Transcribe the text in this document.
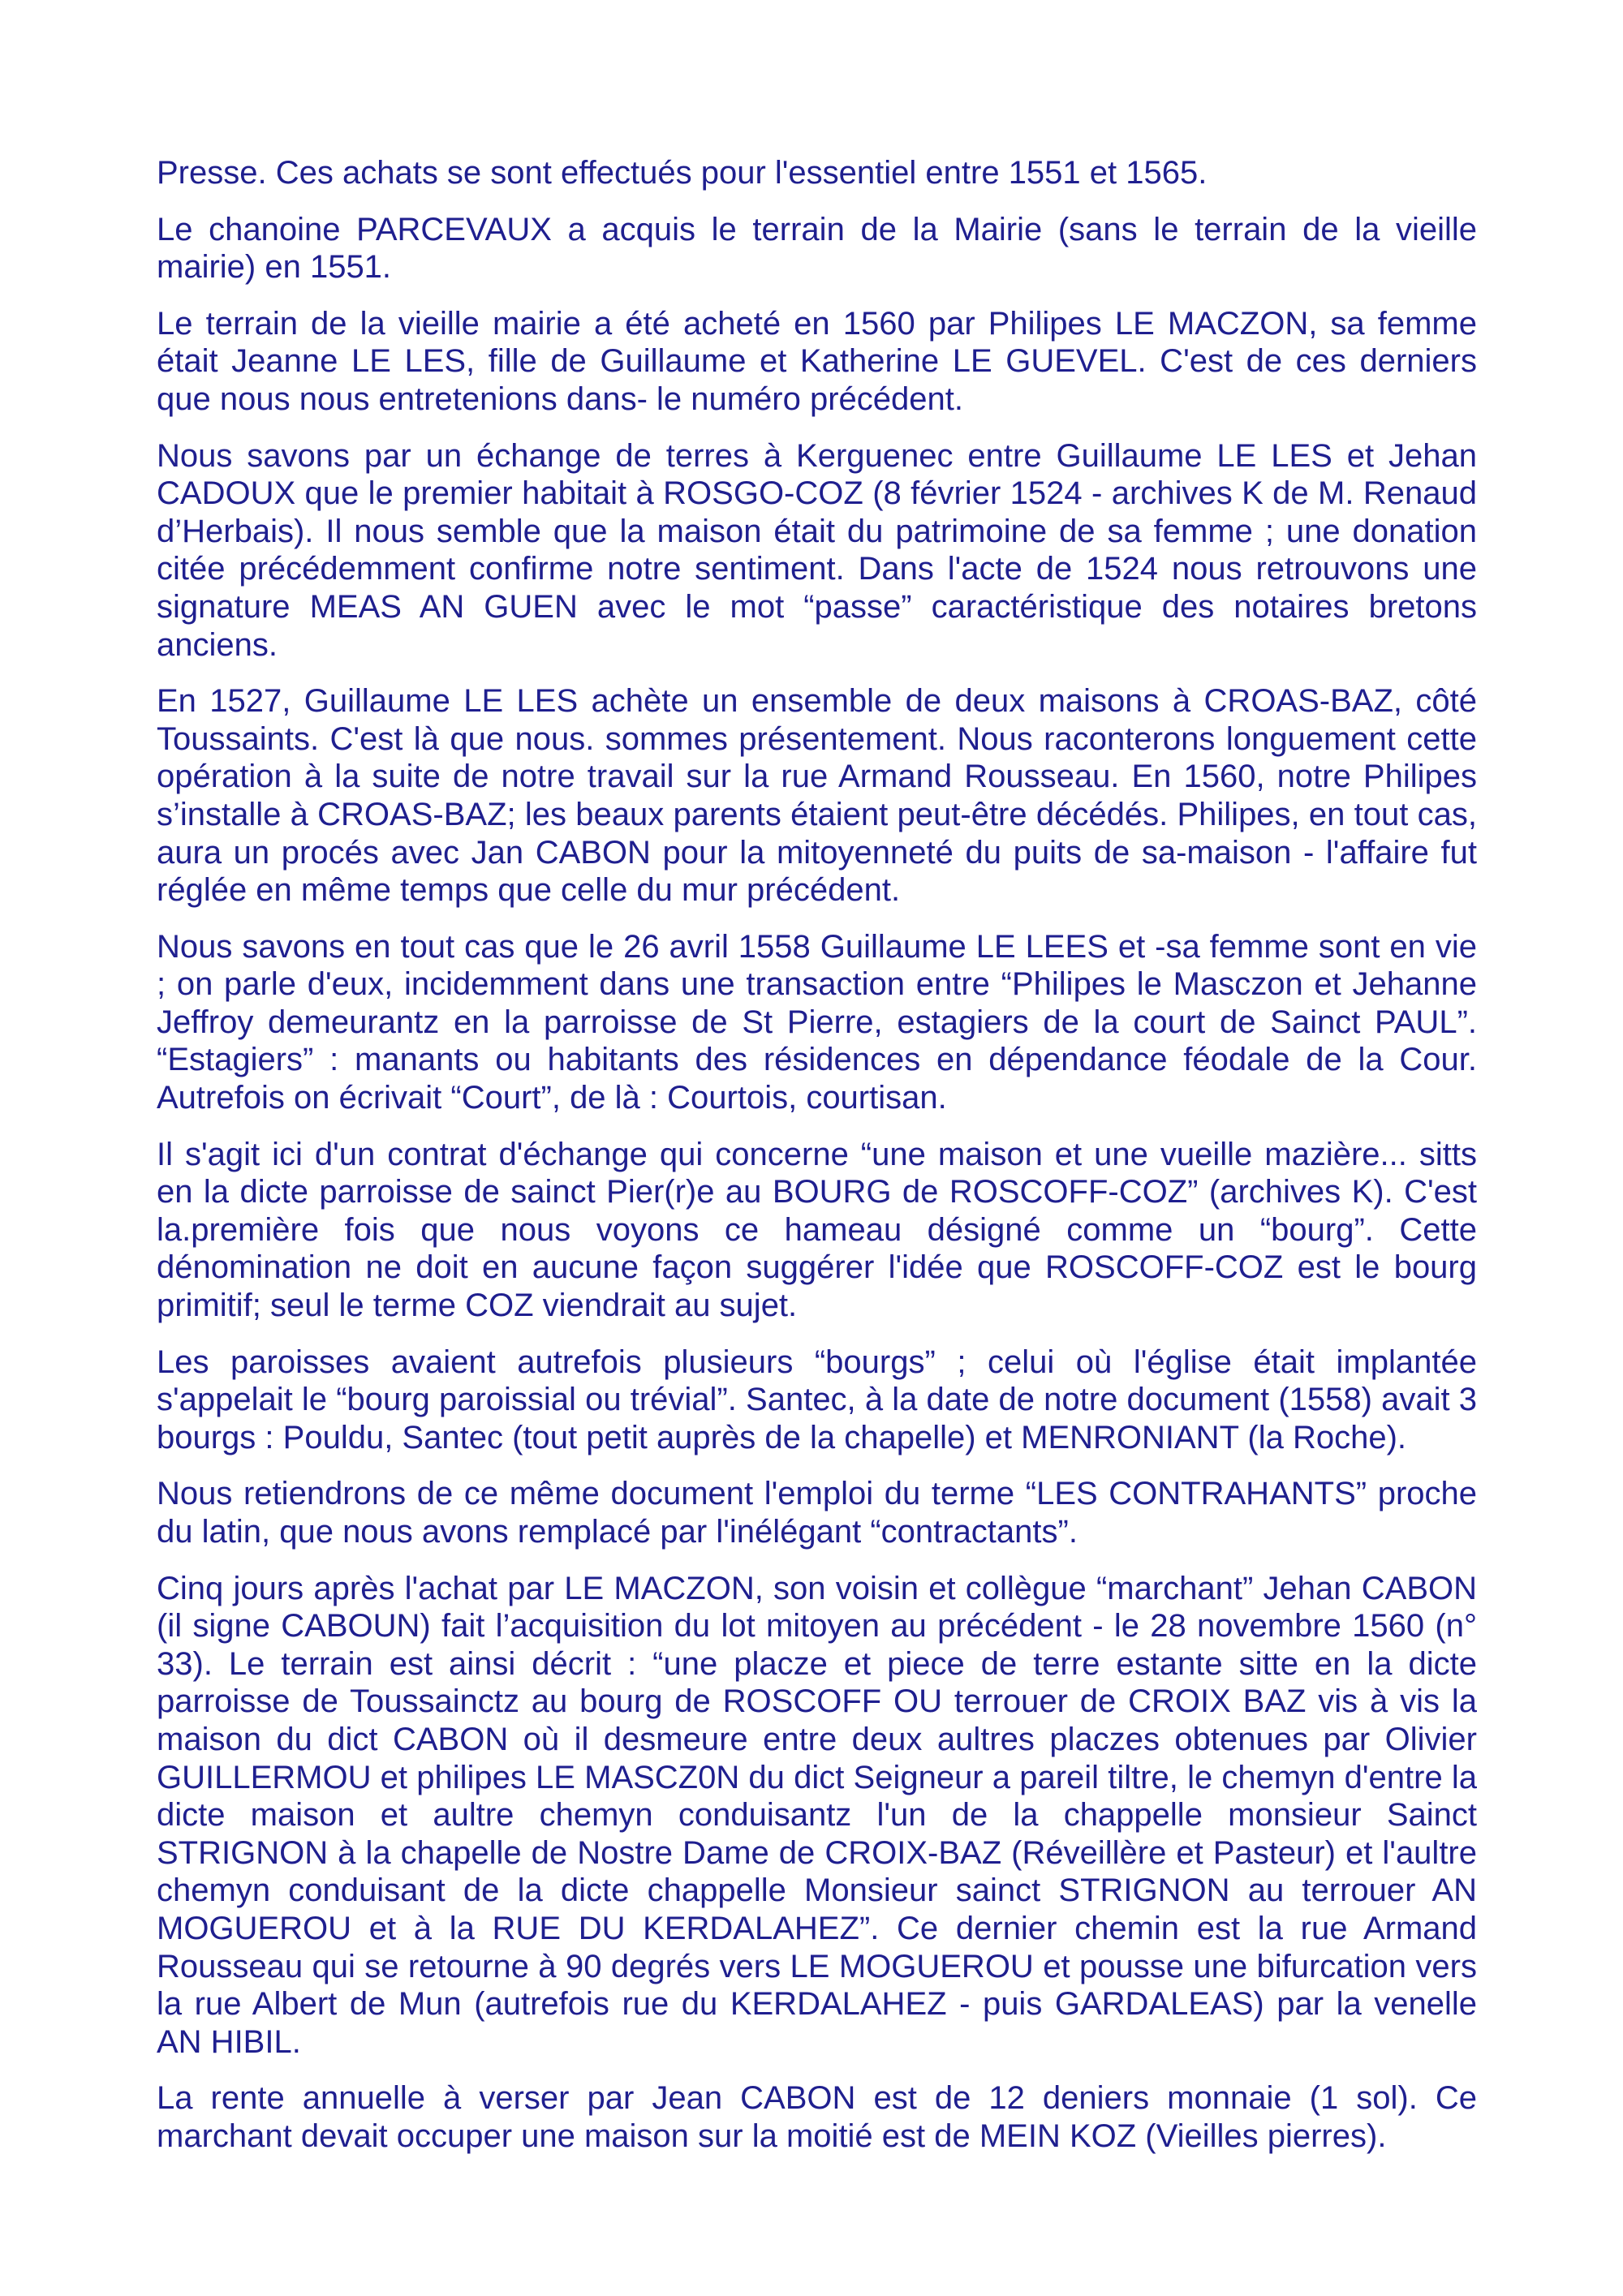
Presse. Ces achats se sont effectués pour l'essentiel entre 1551 et 1565.

Le chanoine PARCEVAUX a acquis le terrain de la Mairie (sans le terrain de la vieille mairie) en 1551.

Le terrain de la vieille mairie a été acheté en 1560 par Philipes LE MACZON, sa femme était Jeanne LE LES, fille de Guillaume et Katherine LE GUEVEL. C'est de ces derniers que nous nous entretenions dans- le numéro précédent.

Nous savons par un échange de terres à Kerguenec entre Guillaume LE LES et Jehan CADOUX que le premier habitait à ROSGO-COZ (8 février 1524 - archives K de M. Renaud d’Herbais). Il nous semble que la maison était du patrimoine de sa femme ; une donation citée précédemment confirme notre sentiment. Dans l'acte de 1524 nous retrouvons une signature MEAS AN GUEN avec le mot “passe” caractéristique des notaires bretons anciens.

En 1527, Guillaume LE LES achète un ensemble de deux maisons à CROAS-BAZ, côté Toussaints. C'est là que nous. sommes présentement. Nous raconterons longuement cette opération à la suite de notre travail sur la rue Armand Rousseau. En 1560, notre Philipes s’installe à CROAS-BAZ; les beaux parents étaient peut-être décédés. Philipes, en tout cas, aura un procés avec Jan CABON pour la mitoyenneté du puits de sa-maison - l'affaire fut réglée en même temps que celle du mur précédent.

Nous savons en tout cas que le 26 avril 1558 Guillaume LE LEES et -sa femme sont en vie ; on parle d'eux, incidemment dans une transaction entre “Philipes le Masczon et Jehanne Jeffroy demeurantz en la parroisse de St Pierre, estagiers de la court de Sainct PAUL”. “Estagiers” : manants ou habitants des résidences en dépendance féodale de la Cour. Autrefois on écrivait “Court”, de là : Courtois, courtisan.

Il s'agit ici d'un contrat d'échange qui concerne “une maison et une vueille mazière... sitts en la dicte parroisse de sainct Pier(r)e au BOURG de ROSCOFF-COZ” (archives K). C'est la.première fois que nous voyons ce hameau désigné comme un “bourg”. Cette dénomination ne doit en aucune façon suggérer l'idée que ROSCOFF-COZ est le bourg primitif; seul le terme COZ viendrait au sujet.

Les paroisses avaient autrefois plusieurs “bourgs” ; celui où l'église était implantée s'appelait le “bourg paroissial ou trévial”. Santec, à la date de notre document (1558) avait 3 bourgs : Pouldu, Santec (tout petit auprès de la chapelle) et MENRONIANT (la Roche).

Nous retiendrons de ce même document l'emploi du terme “LES CONTRAHANTS” proche du latin, que nous avons remplacé par l'inélégant “contractants”.

Cinq jours après l'achat par LE MACZON, son voisin et collègue “marchant” Jehan CABON (il signe CABOUN) fait l’acquisition du lot mitoyen au précédent - le 28 novembre 1560 (n° 33). Le terrain est ainsi décrit : “une placze et piece de terre estante sitte en la dicte parroisse de Toussainctz au bourg de ROSCOFF OU terrouer de CROIX BAZ vis à vis la maison du dict CABON où il desmeure entre deux aultres placzes obtenues par Olivier GUILLERMOU et philipes LE MASCZ0N du dict Seigneur a pareil tiltre, le chemyn d'entre la dicte maison et aultre chemyn conduisantz l'un de la chappelle monsieur Sainct STRIGNON à la chapelle de Nostre Dame de CROIX-BAZ (Réveillère et Pasteur) et l'aultre chemyn conduisant de la dicte chappelle Monsieur sainct STRIGNON au terrouer AN MOGUEROU et à la RUE DU KERDALAHEZ”. Ce dernier chemin est la rue Armand Rousseau qui se retourne à 90 degrés vers LE MOGUEROU et pousse une bifurcation vers la rue Albert de Mun (autrefois rue du KERDALAHEZ - puis GARDALEAS) par la venelle AN HIBIL.

La rente annuelle à verser par Jean CABON est de 12 deniers monnaie (1 sol). Ce marchant devait occuper une maison sur la moitié est de MEIN KOZ (Vieilles pierres).
